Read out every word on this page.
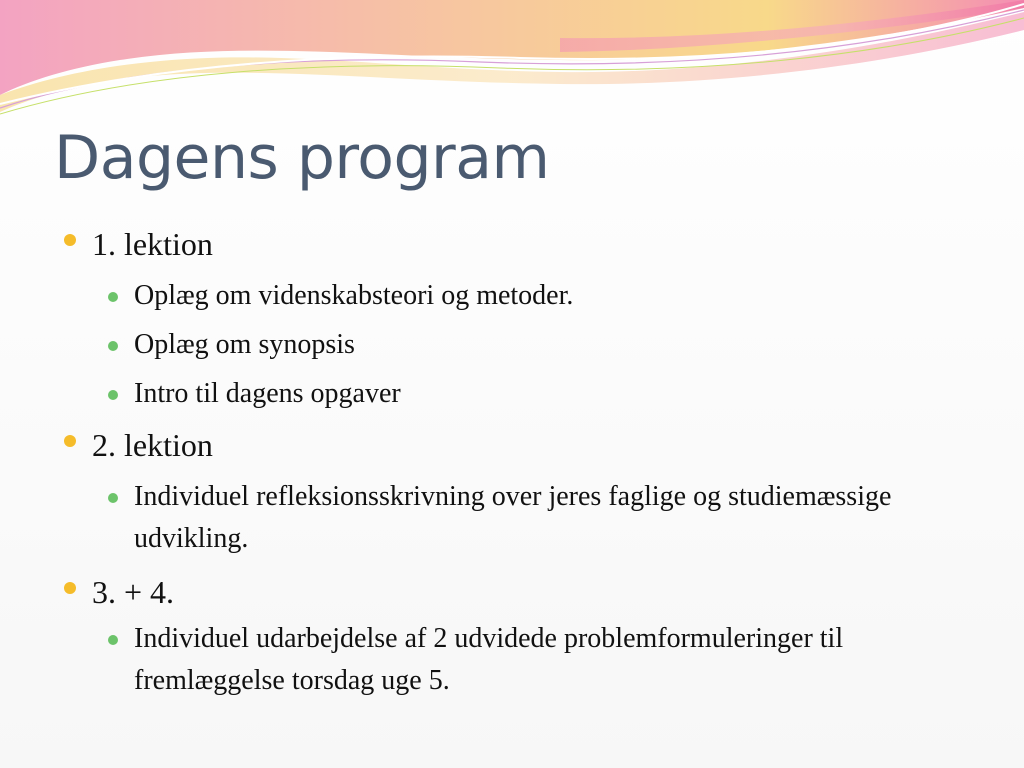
Dagens program
1. lektion
Oplæg om videnskabsteori og metoder.
Oplæg om synopsis
Intro til dagens opgaver
2. lektion
Individuel refleksionsskrivning over jeres faglige og studiemæssige udvikling.
3. + 4.
Individuel udarbejdelse af 2 udvidede problemformuleringer til fremlæggelse torsdag uge 5.
